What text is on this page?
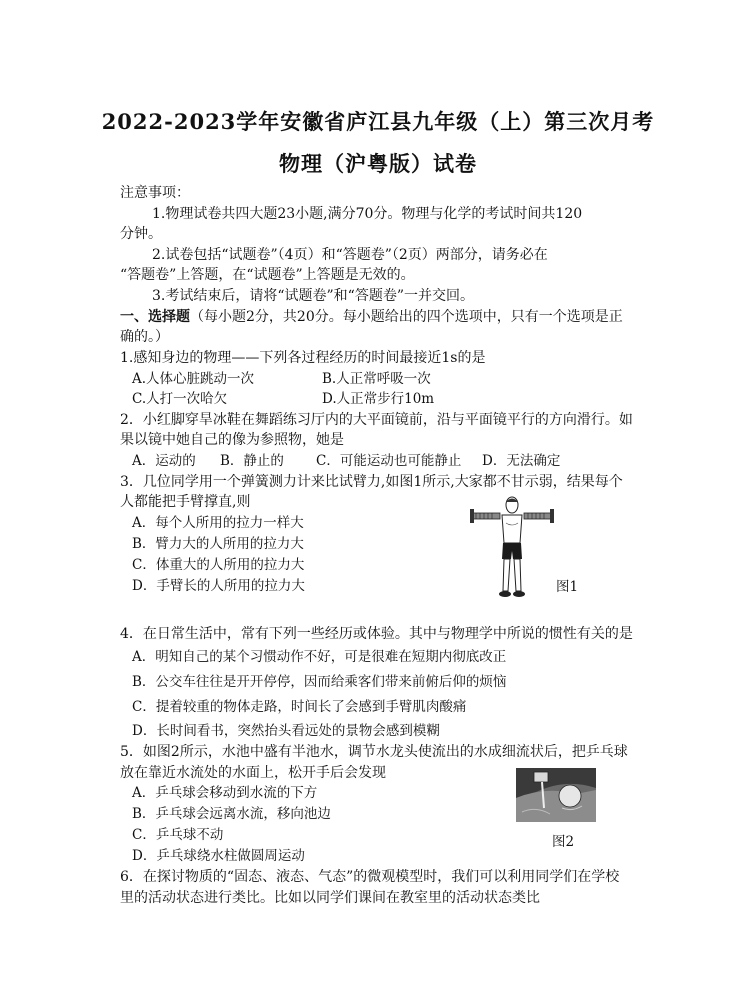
2022-2023学年安徽省庐江县九年级（上）第三次月考
物理（沪粤版）试卷
注意事项：
1.物理试卷共四大题23小题,满分70分。物理与化学的考试时间共120
分钟。
2.试卷包括“试题卷”（4页）和“答题卷”（2页）两部分，请务必在
“答题卷”上答题，在“试题卷”上答题是无效的。
3.考试结束后，请将“试题卷”和“答题卷”一并交回。
一、选择题（每小题2分，共20分。每小题给出的四个选项中，只有一个选项是正
确的。）
1.感知身边的物理——下列各过程经历的时间最接近1s的是
A.人体心脏跳动一次	B.人正常呼吸一次
C.人打一次哈欠	D.人正常步行10m
2．小红脚穿旱冰鞋在舞蹈练习厅内的大平面镜前，沿与平面镜平行的方向滑行。如
果以镜中她自己的像为参照物，她是
A．运动的 B．静止的 C．可能运动也可能静止 D．无法确定
3．几位同学用一个弹簧测力计来比试臂力,如图1所示,大家都不甘示弱，结果每个
人都能把手臂撑直,则
A．每个人所用的拉力一样大
B．臂力大的人所用的拉力大
C．体重大的人所用的拉力大
D．手臂长的人所用的拉力大	图1
4．在日常生活中，常有下列一些经历或体验。其中与物理学中所说的惯性有关的是
A．明知自己的某个习惯动作不好，可是很难在短期内彻底改正
B．公交车往往是开开停停，因而给乘客们带来前俯后仰的烦恼
C．提着较重的物体走路，时间长了会感到手臂肌肉酸痛
D．长时间看书，突然抬头看远处的景物会感到模糊
5．如图2所示，水池中盛有半池水，调节水龙头使流出的水成细流状后，把乒乓球
放在靠近水流处的水面上，松开手后会发现
A．乒乓球会移动到水流的下方
B．乒乓球会远离水流，移向池边
C．乒乓球不动
D．乒乓球绕水柱做圆周运动
图2
6．在探讨物质的“固态、液态、气态”的微观模型时，我们可以利用同学们在学校
里的活动状态进行类比。比如以同学们课间在教室里的活动状态类比
